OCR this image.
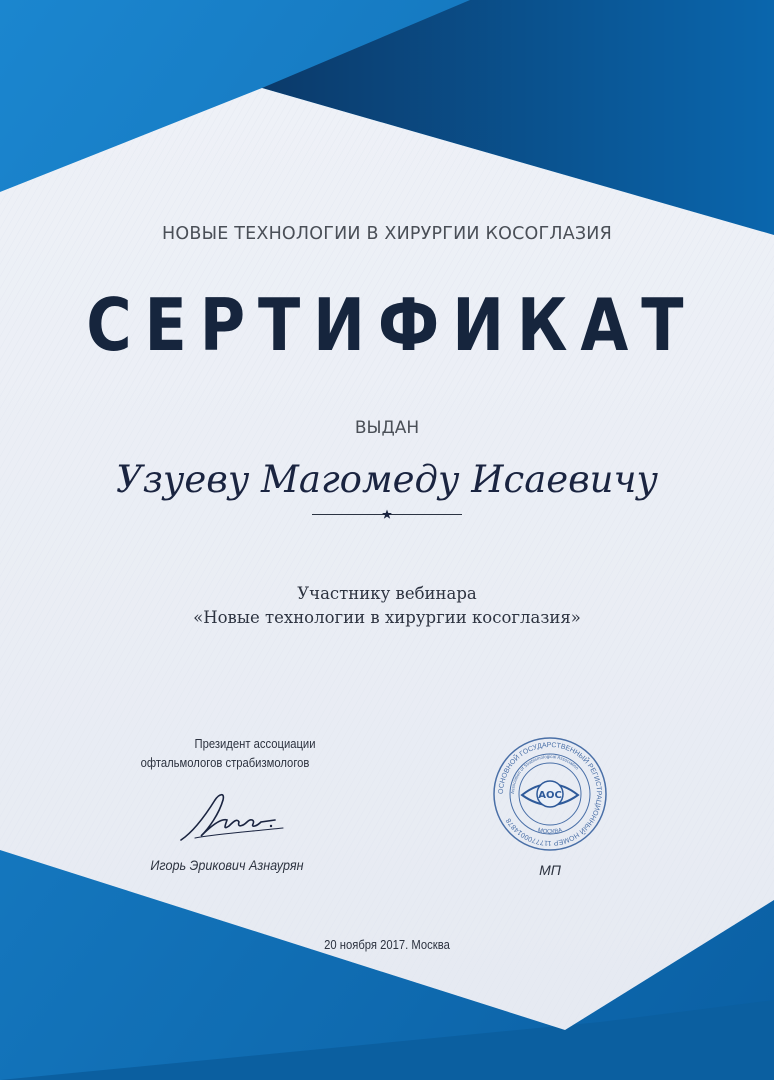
НОВЫЕ ТЕХНОЛОГИИ В ХИРУРГИИ КОСОГЛАЗИЯ

СЕРТИФИКАТ

ВЫДАН

Узуеву Магомеду Исаевичу

Участнику вебинара

«Новые технологии в хирургии косоглазия»

Президент ассоциации

офтальмологов страбизмологов

Игорь Эрикович Азнаурян

ОСНОВНОЙ ГОСУДАРСТВЕННЫЙ РЕГИСТРАЦИОННЫЙ НОМЕР 1177700014878
Association of Strabismological Association
МОСКВА
АОС

МП

20 ноября 2017. Москва
